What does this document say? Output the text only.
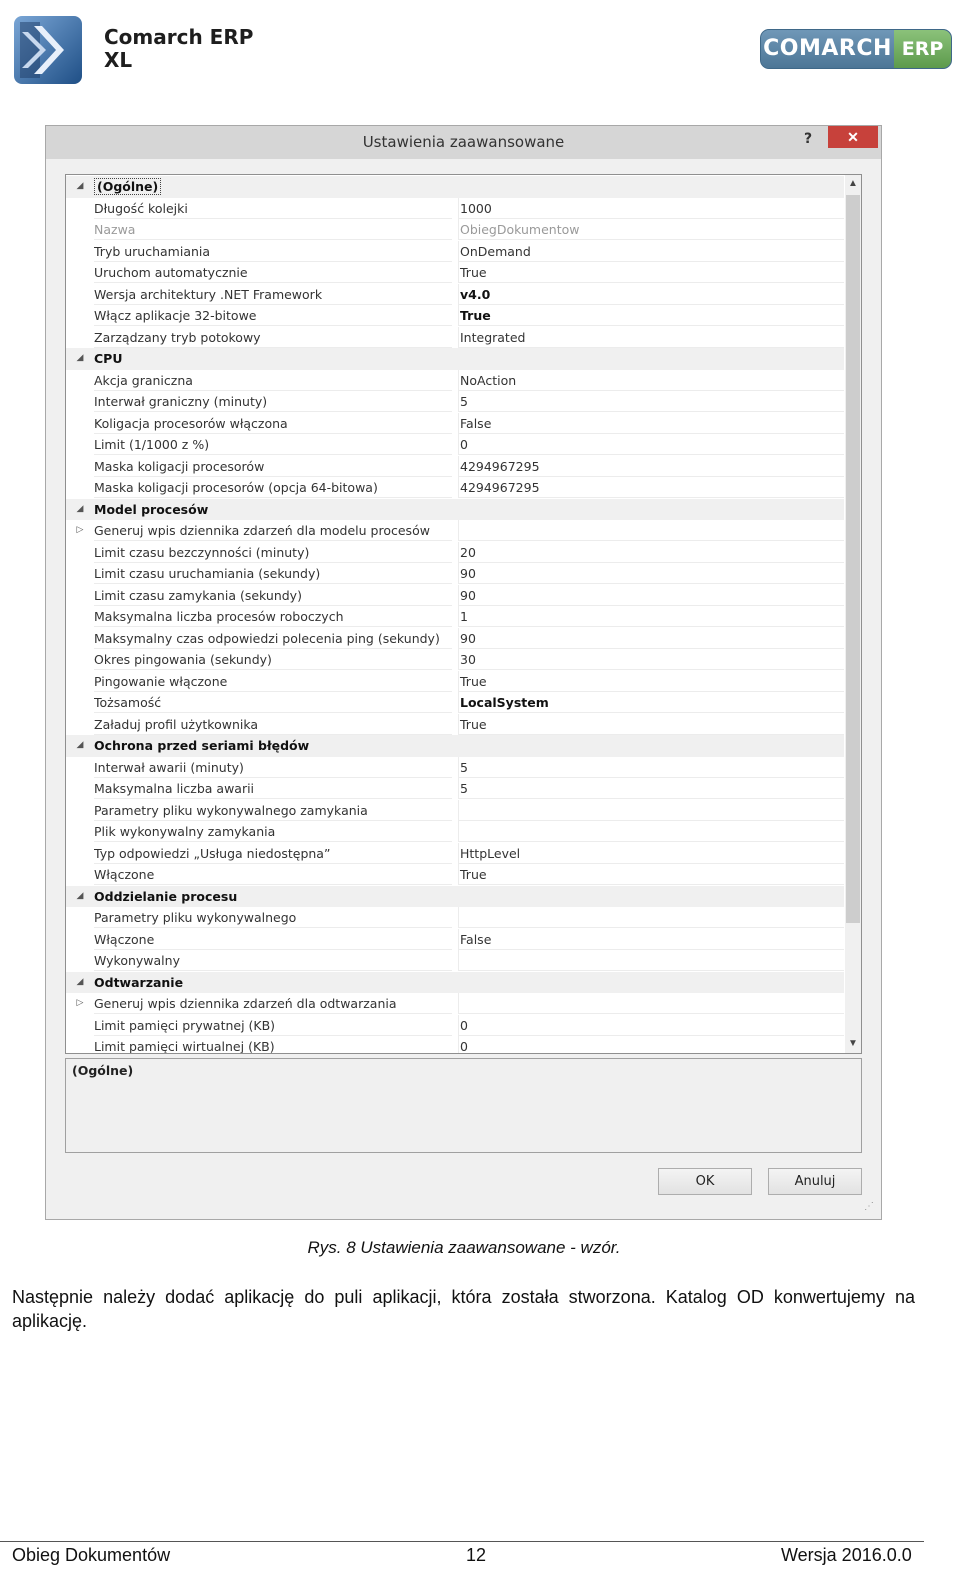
Comarch ERP
XL	COMARCH ERP
Ustawienia zaawansowane	?	✕
◢ (Ogólne)
Długość kolejki	1000
Nazwa	ObiegDokumentow
Tryb uruchamiania	OnDemand
Uruchom automatycznie	True
Wersja architektury .NET Framework	v4.0
Włącz aplikacje 32-bitowe	True
Zarządzany tryb potokowy	Integrated
◢ CPU
Akcja graniczna	NoAction
Interwał graniczny (minuty)	5
Koligacja procesorów włączona	False
Limit (1/1000 z %)	0
Maska koligacji procesorów	4294967295
Maska koligacji procesorów (opcja 64-bitowa)	4294967295
◢ Model procesów
▷ Generuj wpis dziennika zdarzeń dla modelu procesów
Limit czasu bezczynności (minuty)	20
Limit czasu uruchamiania (sekundy)	90
Limit czasu zamykania (sekundy)	90
Maksymalna liczba procesów roboczych	1
Maksymalny czas odpowiedzi polecenia ping (sekundy)	90
Okres pingowania (sekundy)	30
Pingowanie włączone	True
Tożsamość	LocalSystem
Załaduj profil użytkownika	True
◢ Ochrona przed seriami błędów
Interwał awarii (minuty)	5
Maksymalna liczba awarii	5
Parametry pliku wykonywalnego zamykania
Plik wykonywalny zamykania
Typ odpowiedzi „Usługa niedostępna”	HttpLevel
Włączone	True
◢ Oddzielanie procesu
Parametry pliku wykonywalnego
Włączone	False
Wykonywalny
◢ Odtwarzanie
▷ Generuj wpis dziennika zdarzeń dla odtwarzania
Limit pamięci prywatnej (KB)	0
Limit pamięci wirtualnej (KB)	0
▲
▼
(Ogólne)
OK	Anuluj
⋰
Rys. 8 Ustawienia zaawansowane - wzór.
Następnie należy dodać aplikację do puli aplikacji, która została stworzona. Katalog OD konwertujemy na aplikację.
Obieg Dokumentów	12	Wersja 2016.0.0
